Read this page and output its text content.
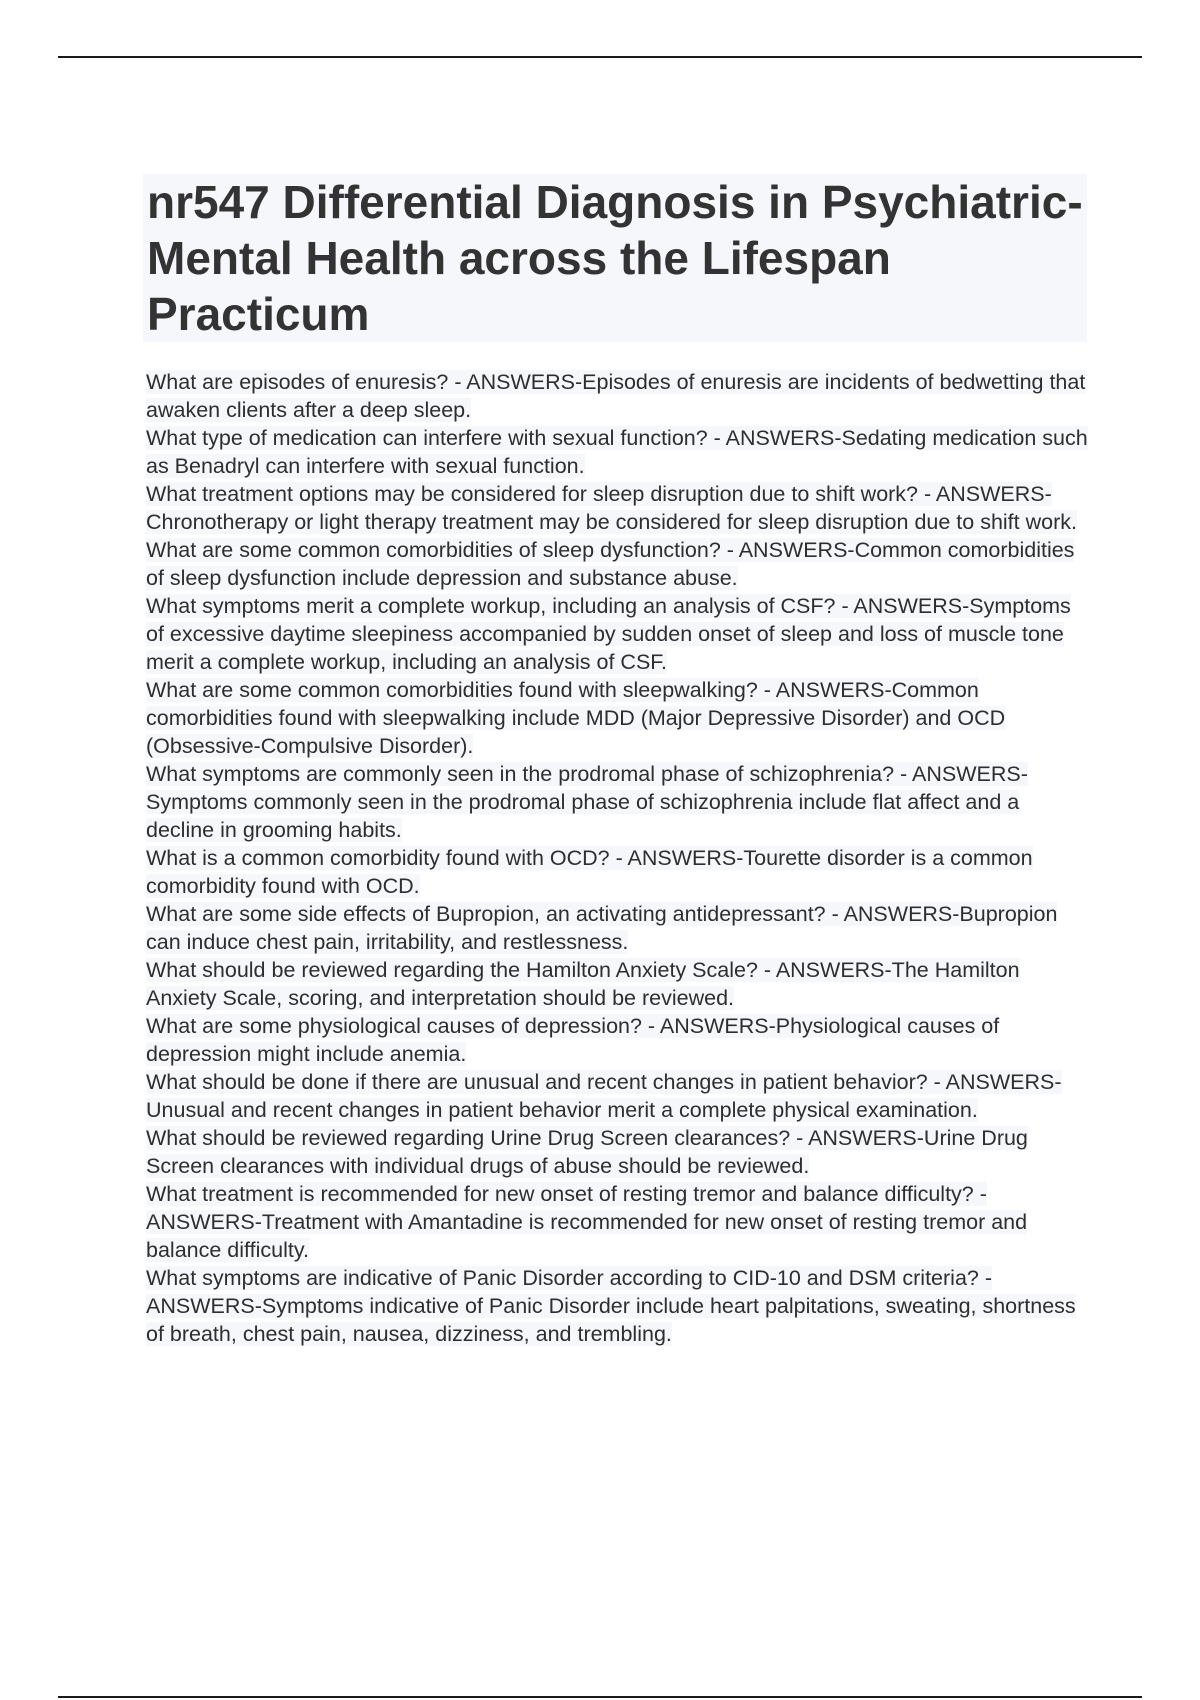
nr547 Differential Diagnosis in Psychiatric-Mental Health across the Lifespan Practicum
What are episodes of enuresis? - ANSWERS-Episodes of enuresis are incidents of bedwetting that awaken clients after a deep sleep.
What type of medication can interfere with sexual function? - ANSWERS-Sedating medication such as Benadryl can interfere with sexual function.
What treatment options may be considered for sleep disruption due to shift work? - ANSWERS-Chronotherapy or light therapy treatment may be considered for sleep disruption due to shift work.
What are some common comorbidities of sleep dysfunction? - ANSWERS-Common comorbidities of sleep dysfunction include depression and substance abuse.
What symptoms merit a complete workup, including an analysis of CSF? - ANSWERS-Symptoms of excessive daytime sleepiness accompanied by sudden onset of sleep and loss of muscle tone merit a complete workup, including an analysis of CSF.
What are some common comorbidities found with sleepwalking? - ANSWERS-Common comorbidities found with sleepwalking include MDD (Major Depressive Disorder) and OCD (Obsessive-Compulsive Disorder).
What symptoms are commonly seen in the prodromal phase of schizophrenia? - ANSWERS-Symptoms commonly seen in the prodromal phase of schizophrenia include flat affect and a decline in grooming habits.
What is a common comorbidity found with OCD? - ANSWERS-Tourette disorder is a common comorbidity found with OCD.
What are some side effects of Bupropion, an activating antidepressant? - ANSWERS-Bupropion can induce chest pain, irritability, and restlessness.
What should be reviewed regarding the Hamilton Anxiety Scale? - ANSWERS-The Hamilton Anxiety Scale, scoring, and interpretation should be reviewed.
What are some physiological causes of depression? - ANSWERS-Physiological causes of depression might include anemia.
What should be done if there are unusual and recent changes in patient behavior? - ANSWERS-Unusual and recent changes in patient behavior merit a complete physical examination.
What should be reviewed regarding Urine Drug Screen clearances? - ANSWERS-Urine Drug Screen clearances with individual drugs of abuse should be reviewed.
What treatment is recommended for new onset of resting tremor and balance difficulty? - ANSWERS-Treatment with Amantadine is recommended for new onset of resting tremor and balance difficulty.
What symptoms are indicative of Panic Disorder according to CID-10 and DSM criteria? - ANSWERS-Symptoms indicative of Panic Disorder include heart palpitations, sweating, shortness of breath, chest pain, nausea, dizziness, and trembling.
